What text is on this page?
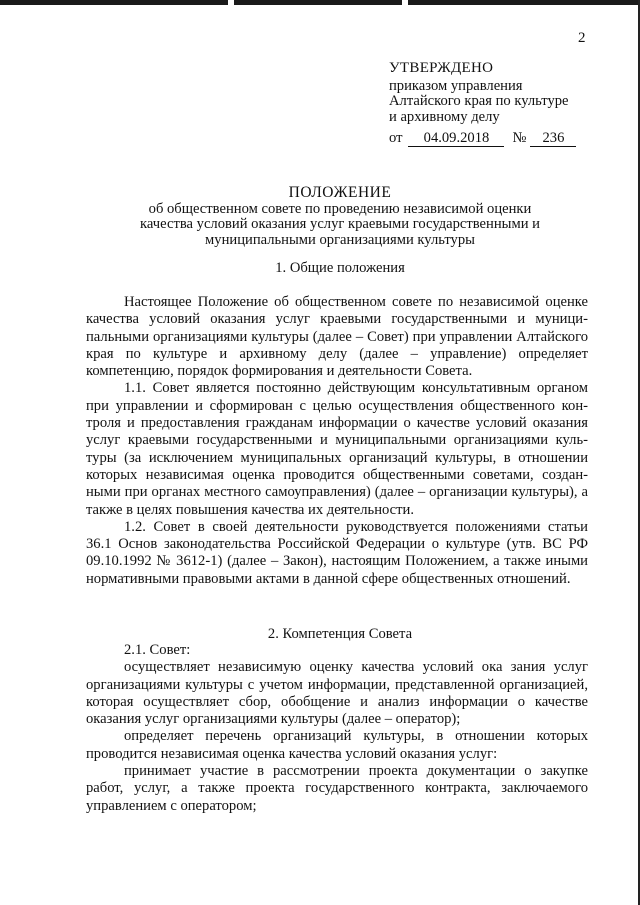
2
УТВЕРЖДЕНО
приказом управления
Алтайского края по культуре
и архивному делу
от 04.09.2018 № 236
ПОЛОЖЕНИЕ
об общественном совете по проведению независимой оценки
качества условий оказания услуг краевыми государственными и
муниципальными организациями культуры
1. Общие положения

Настоящее Положение об общественном совете по независимой оценке качества условий оказания услуг краевыми государственными и муниципальными организациями культуры (далее – Совет) при управлении Алтайского края по культуре и архивному делу (далее – управление) определяет компетенцию, порядок формирования и деятельности Совета.

1.1. Совет является постоянно действующим консультативным органом при управлении и сформирован с целью осуществления общественного контроля и предоставления гражданам информации о качестве условий оказания услуг краевыми государственными и муниципальными организациями культуры (за исключением муниципальных организаций культуры, в отношении которых независимая оценка проводится общественными советами, созданными при органах местного самоуправления) (далее – организации культуры), а также в целях повышения качества их деятельности.

1.2. Совет в своей деятельности руководствуется положениями статьи 36.1 Основ законодательства Российской Федерации о культуре (утв. ВС РФ 09.10.1992 № 3612-1) (далее – Закон), настоящим Положением, а также иными нормативными правовыми актами в данной сфере общественных отношений.

2. Компетенция Совета

2.1. Совет:

осуществляет независимую оценку качества условий ока зания услуг организациями культуры с учетом информации, представленной организацией, которая осуществляет сбор, обобщение и анализ информации о качестве оказания услуг организациями культуры (далее – оператор);

определяет перечень организаций культуры, в отношении которых проводится независимая оценка качества условий оказания услуг:

принимает участие в рассмотрении проекта документации о закупке работ, услуг, а также проекта государственного контракта, заключаемого управлением с оператором;
